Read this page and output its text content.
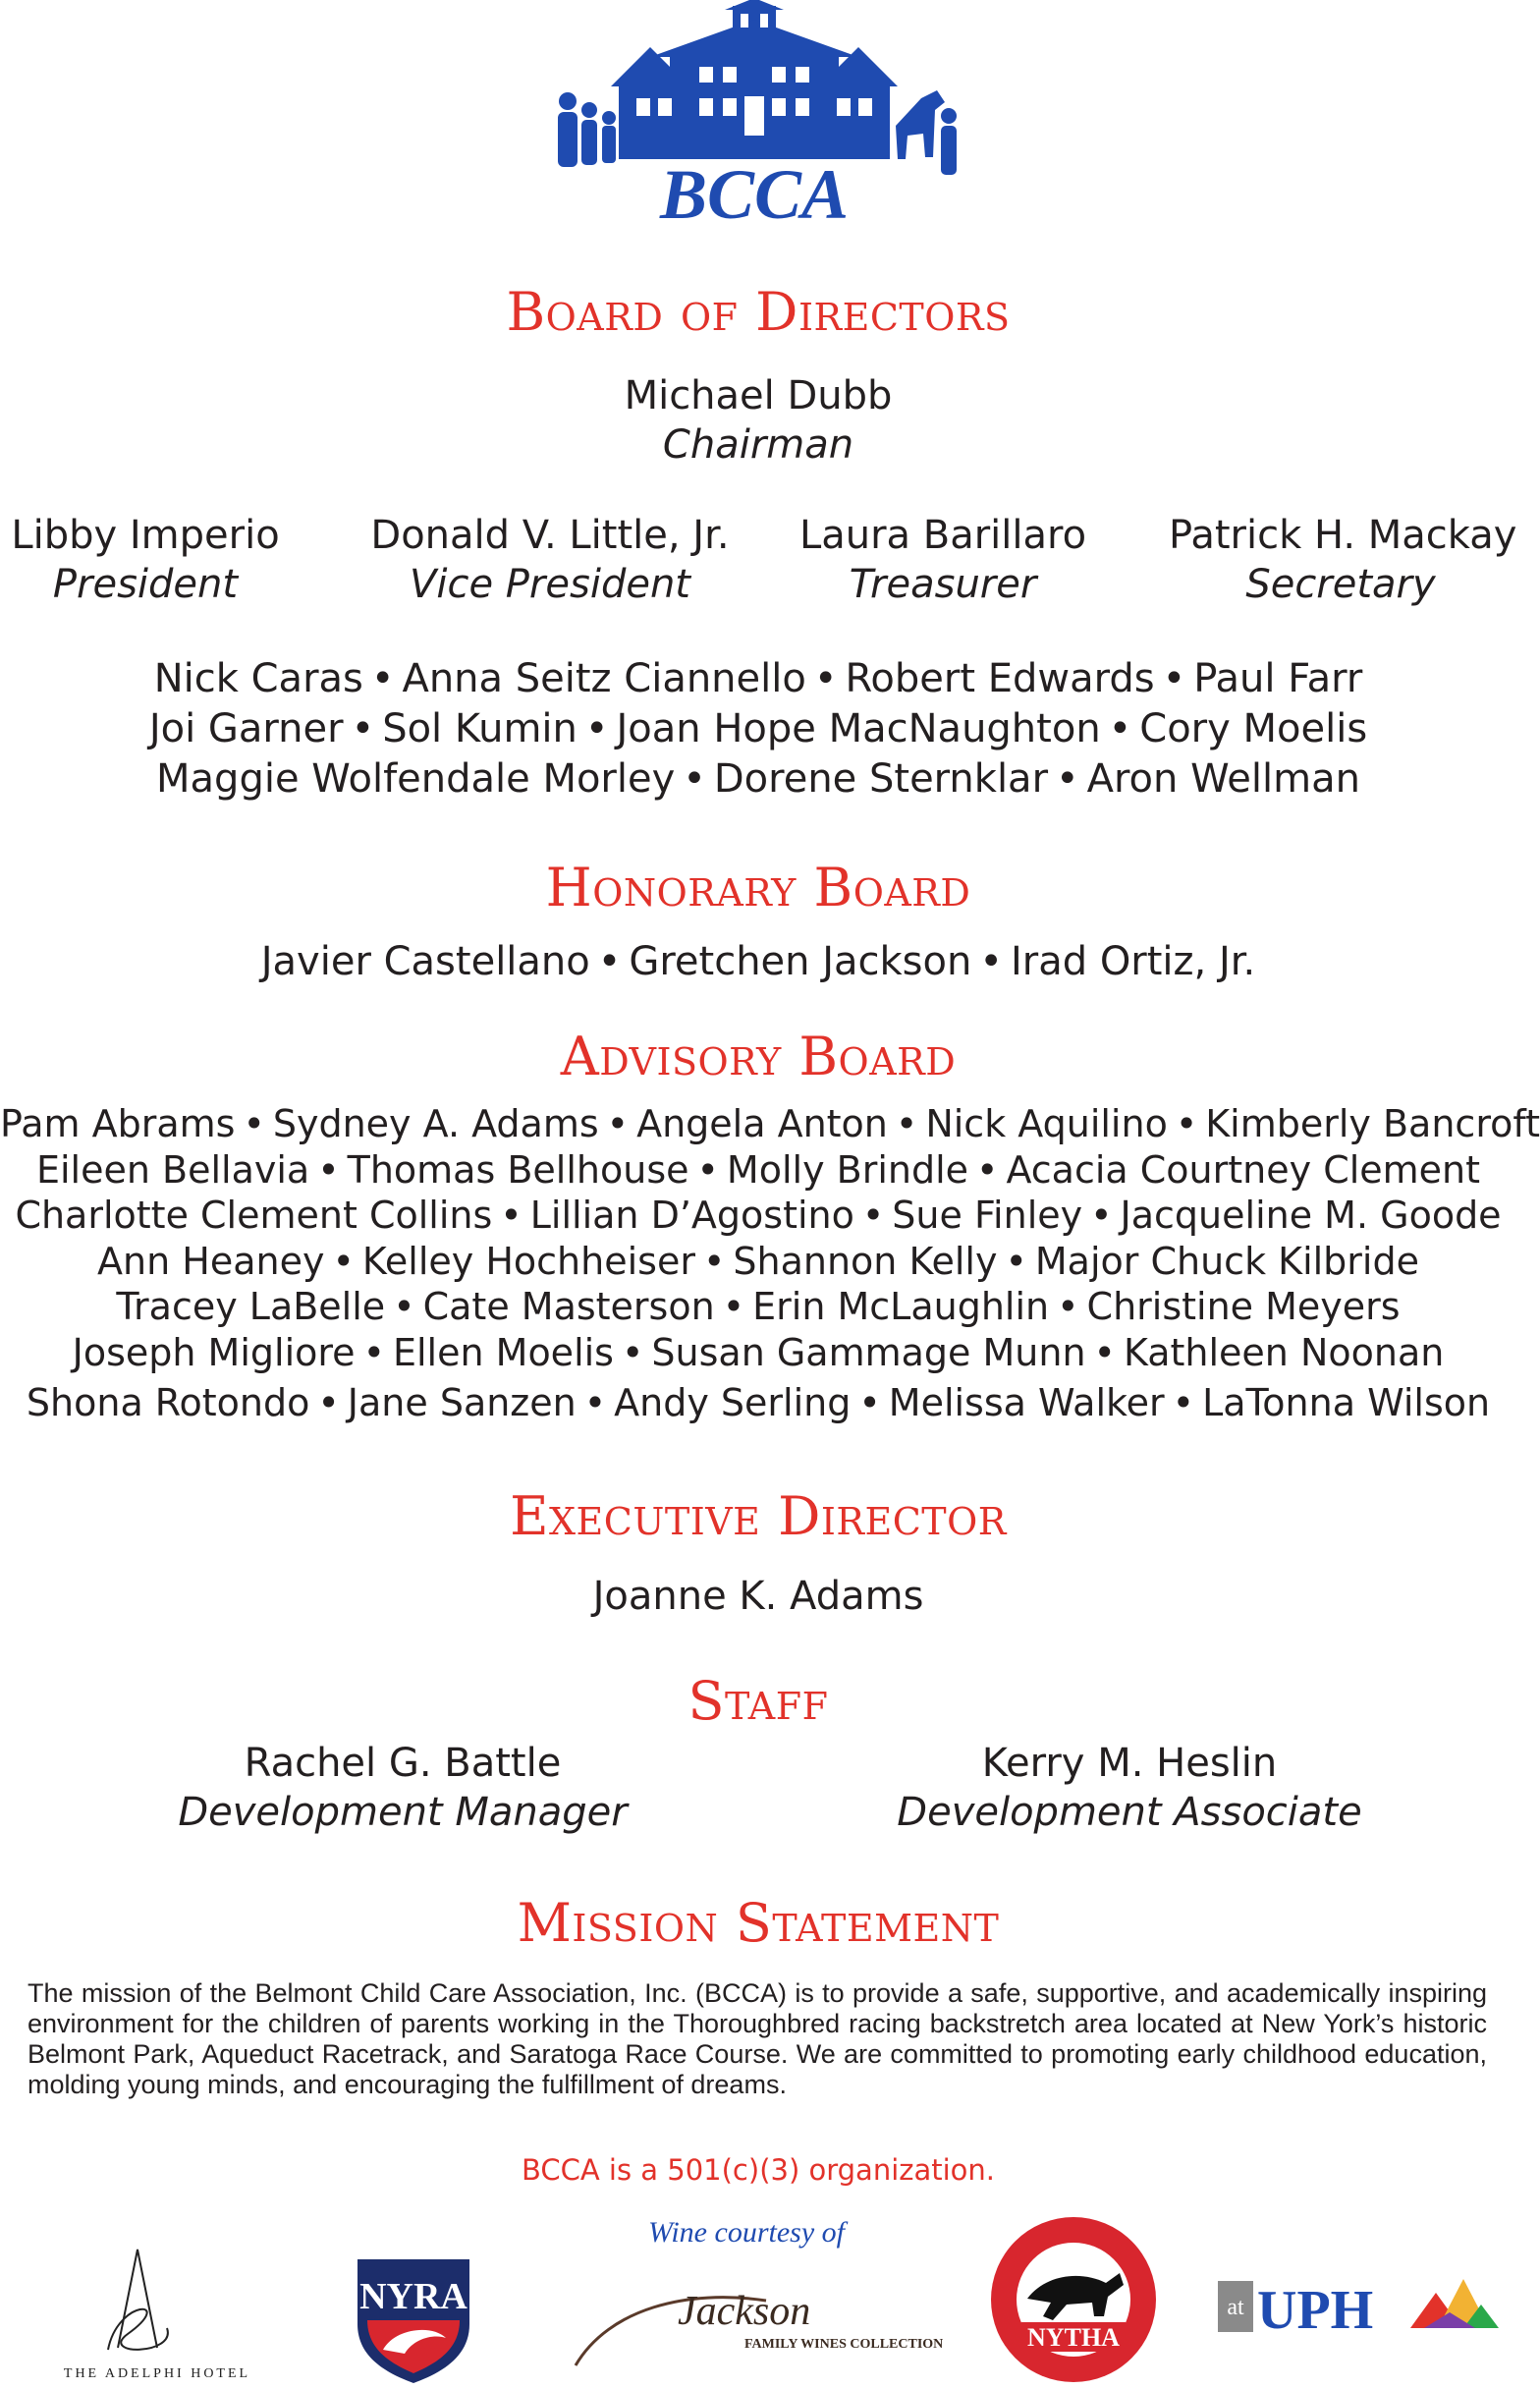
BCCA
Board of Directors
Michael Dubb
Chairman
Libby Imperio
President
Donald V. Little, Jr.
Vice President
Laura Barillaro
Treasurer
Patrick H. Mackay
Secretary
Nick Caras • Anna Seitz Ciannello • Robert Edwards • Paul Farr
Joi Garner • Sol Kumin • Joan Hope MacNaughton • Cory Moelis
Maggie Wolfendale Morley • Dorene Sternklar • Aron Wellman
Honorary Board
Javier Castellano • Gretchen Jackson • Irad Ortiz, Jr.
Advisory Board
Pam Abrams • Sydney A. Adams • Angela Anton • Nick Aquilino • Kimberly Bancroft
Eileen Bellavia • Thomas Bellhouse • Molly Brindle • Acacia Courtney Clement
Charlotte Clement Collins • Lillian D’Agostino • Sue Finley • Jacqueline M. Goode
Ann Heaney • Kelley Hochheiser • Shannon Kelly • Major Chuck Kilbride
Tracey LaBelle • Cate Masterson • Erin McLaughlin • Christine Meyers
Joseph Migliore • Ellen Moelis • Susan Gammage Munn • Kathleen Noonan
Shona Rotondo • Jane Sanzen • Andy Serling • Melissa Walker • LaTonna Wilson
Executive Director
Joanne K. Adams
Staff
Rachel G. Battle
Development Manager
Kerry M. Heslin
Development Associate
Mission Statement
The mission of the Belmont Child Care Association, Inc. (BCCA) is to provide a safe, supportive, and academically inspiring environment for the children of parents working in the Thoroughbred racing backstretch area located at New York’s historic Belmont Park, Aqueduct Racetrack, and Saratoga Race Course. We are committed to promoting early childhood education, molding young minds, and encouraging the fulfillment of dreams.
BCCA is a 501(c)(3) organization.
THE ADELPHI HOTEL
NYRA
Wine courtesy of
Jackson
FAMILY WINES COLLECTION	NYTHA
at UPH
